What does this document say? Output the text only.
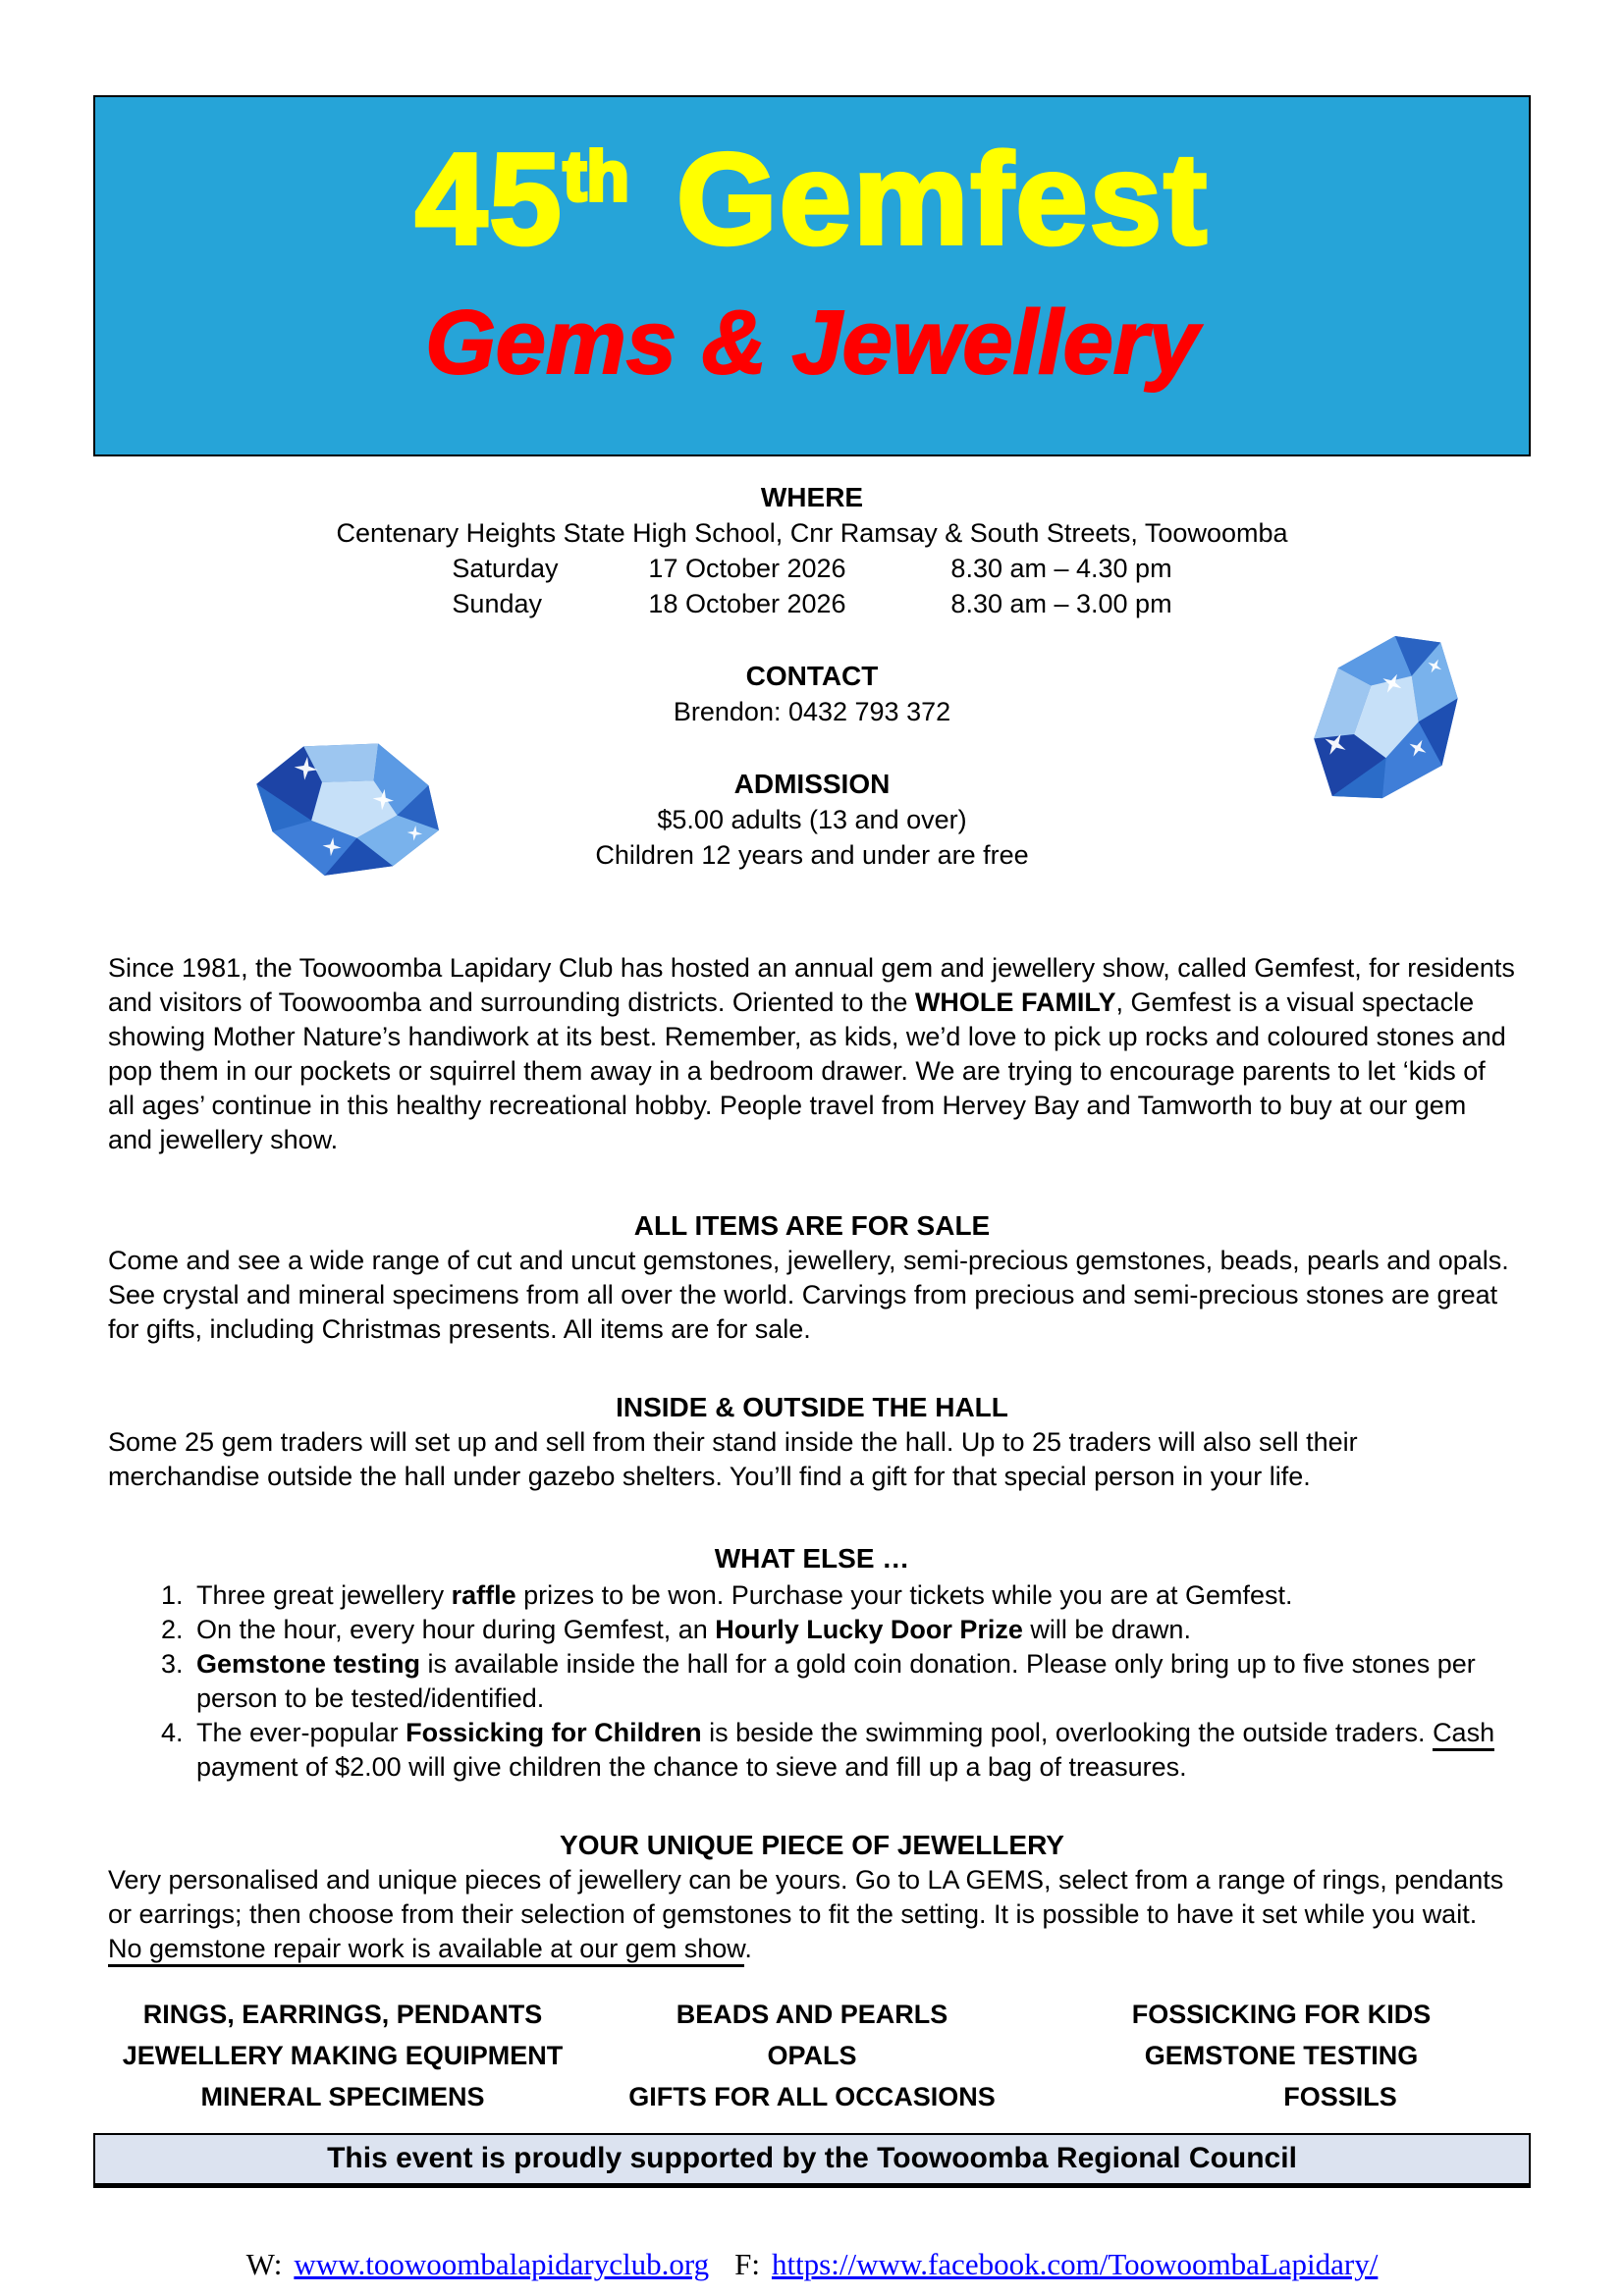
45th Gemfest
Gems & Jewellery
WHERE
Centenary Heights State High School, Cnr Ramsay & South Streets, Toowoomba
Saturday	17 October 2026	8.30 am – 4.30 pm
Sunday	18 October 2026	8.30 am – 3.00 pm
CONTACT
Brendon: 0432 793 372
ADMISSION
$5.00 adults (13 and over)
Children 12 years and under are free

Since 1981, the Toowoomba Lapidary Club has hosted an annual gem and jewellery show, called Gemfest, for residents and visitors of Toowoomba and surrounding districts. Oriented to the WHOLE FAMILY, Gemfest is a visual spectacle showing Mother Nature’s handiwork at its best. Remember, as kids, we’d love to pick up rocks and coloured stones and pop them in our pockets or squirrel them away in a bedroom drawer. We are trying to encourage parents to let ‘kids of all ages’ continue in this healthy recreational hobby. People travel from Hervey Bay and Tamworth to buy at our gem and jewellery show.

ALL ITEMS ARE FOR SALE

Come and see a wide range of cut and uncut gemstones, jewellery, semi-precious gemstones, beads, pearls and opals. See crystal and mineral specimens from all over the world. Carvings from precious and semi-precious stones are great for gifts, including Christmas presents. All items are for sale.

INSIDE & OUTSIDE THE HALL

Some 25 gem traders will set up and sell from their stand inside the hall. Up to 25 traders will also sell their merchandise outside the hall under gazebo shelters. You’ll find a gift for that special person in your life.

WHAT ELSE …
1. Three great jewellery raffle prizes to be won. Purchase your tickets while you are at Gemfest.
2. On the hour, every hour during Gemfest, an Hourly Lucky Door Prize will be drawn.
3. Gemstone testing is available inside the hall for a gold coin donation. Please only bring up to five stones per person to be tested/identified.
4. The ever-popular Fossicking for Children is beside the swimming pool, overlooking the outside traders. Cash payment of $2.00 will give children the chance to sieve and fill up a bag of treasures.
YOUR UNIQUE PIECE OF JEWELLERY

Very personalised and unique pieces of jewellery can be yours. Go to LA GEMS, select from a range of rings, pendants or earrings; then choose from their selection of gemstones to fit the setting. It is possible to have it set while you wait. No gemstone repair work is available at our gem show.

RINGS, EARRINGS, PENDANTS
JEWELLERY MAKING EQUIPMENT
MINERAL SPECIMENS
BEADS AND PEARLS
OPALS
GIFTS FOR ALL OCCASIONS
FOSSICKING FOR KIDS
GEMSTONE TESTING
FOSSILS
This event is proudly supported by the Toowoomba Regional Council
W: www.toowoombalapidaryclub.org F: https://www.facebook.com/ToowoombaLapidary/
